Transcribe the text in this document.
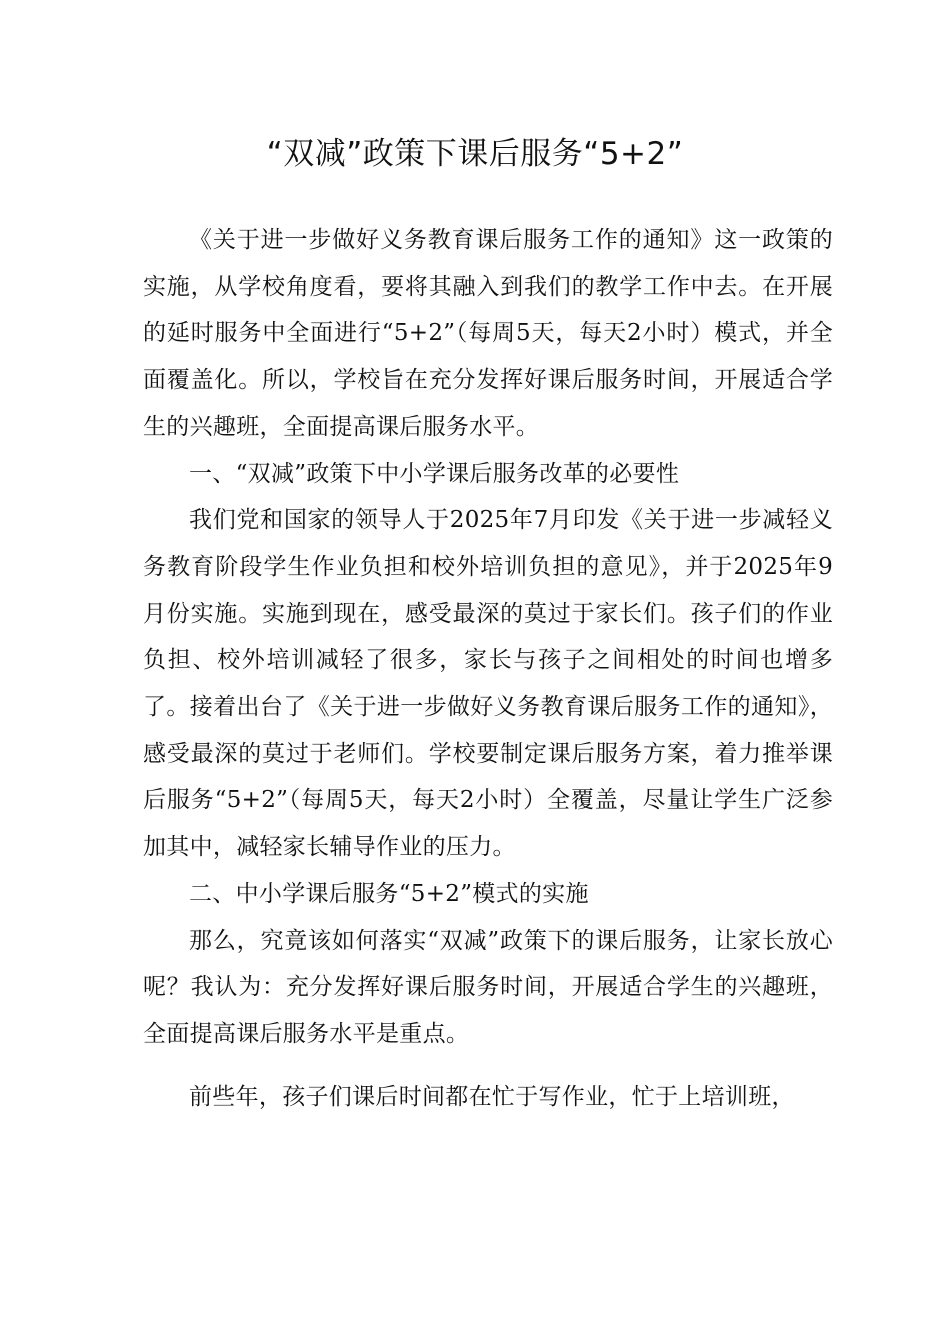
“双减”政策下课后服务“5+2”

《关于进一步做好义务教育课后服务工作的通知》这一政策的实施，从学校角度看，要将其融入到我们的教学工作中去。在开展的延时服务中全面进行“5+2”（每周5天，每天2小时）模式，并全面覆盖化。所以，学校旨在充分发挥好课后服务时间，开展适合学生的兴趣班，全面提高课后服务水平。

一、“双减”政策下中小学课后服务改革的必要性

我们党和国家的领导人于2025年7月印发《关于进一步减轻义务教育阶段学生作业负担和校外培训负担的意见》，并于2025年9月份实施。实施到现在，感受最深的莫过于家长们。孩子们的作业负担、校外培训减轻了很多，家长与孩子之间相处的时间也增多了。接着出台了《关于进一步做好义务教育课后服务工作的通知》，感受最深的莫过于老师们。学校要制定课后服务方案，着力推举课后服务“5+2”（每周5天，每天2小时）全覆盖，尽量让学生广泛参加其中，减轻家长辅导作业的压力。

二、中小学课后服务“5+2”模式的实施

那么，究竟该如何落实“双减”政策下的课后服务，让家长放心呢？我认为：充分发挥好课后服务时间，开展适合学生的兴趣班，全面提高课后服务水平是重点。

前些年，孩子们课后时间都在忙于写作业，忙于上培训班，
